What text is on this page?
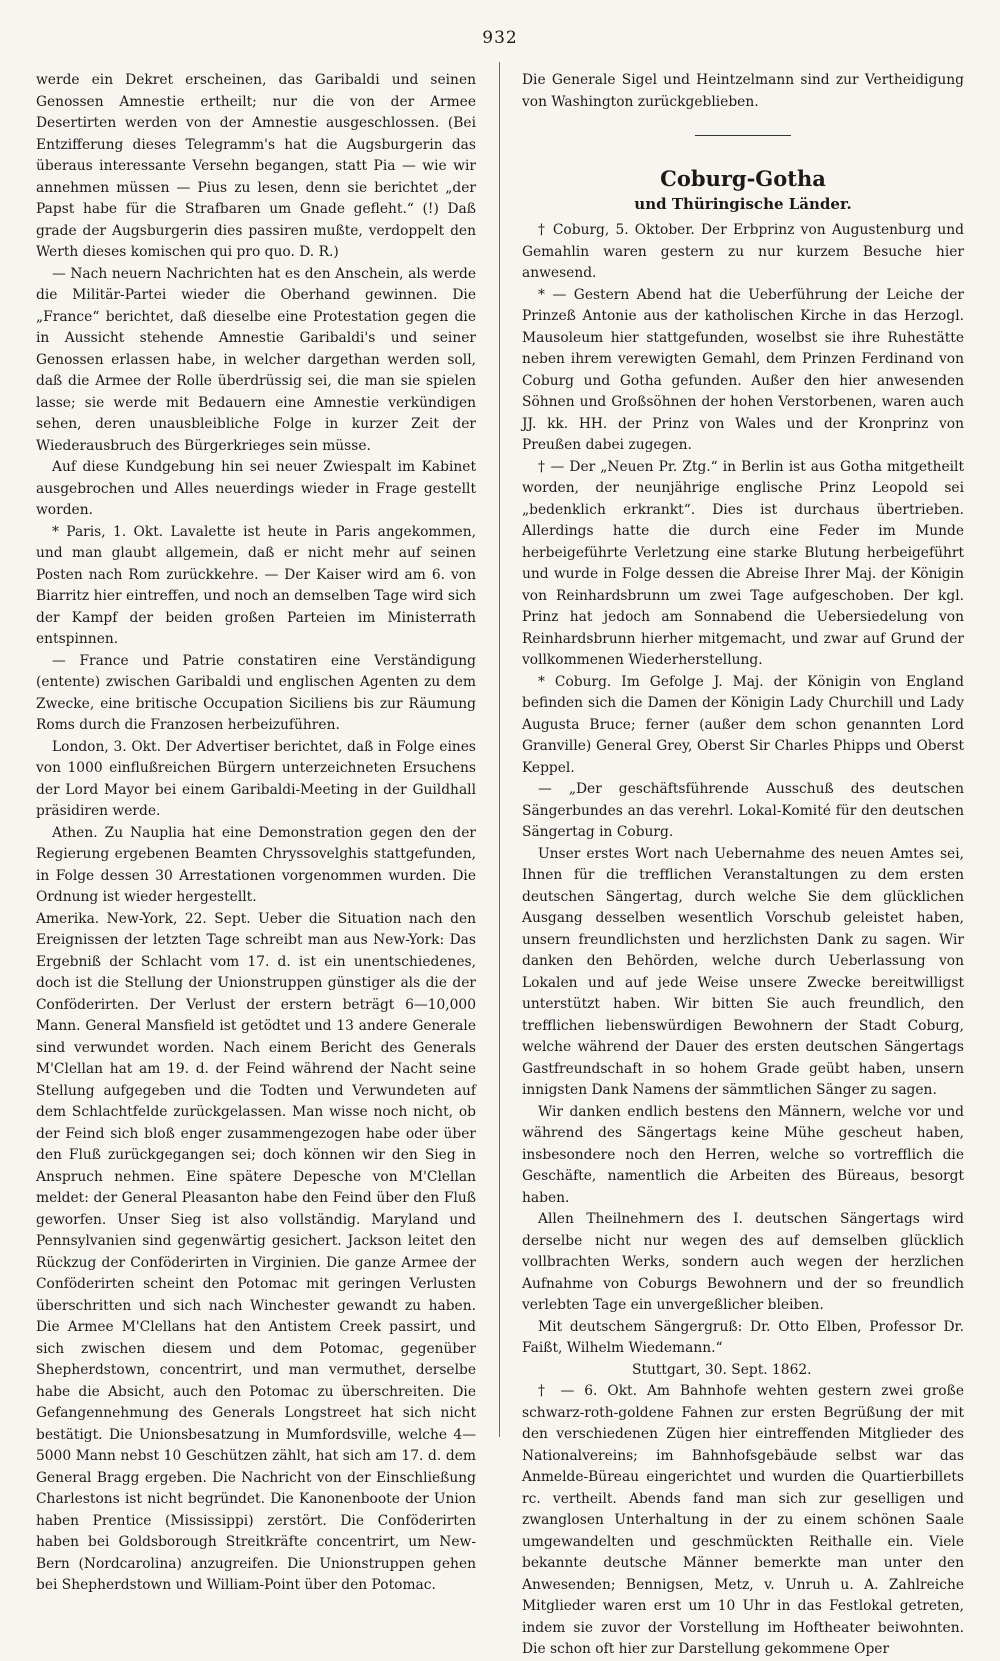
932

werde ein Dekret erscheinen, das Garibaldi und seinen Genossen Amnestie ertheilt; nur die von der Armee Desertirten werden von der Amnestie ausgeschlossen. (Bei Entzifferung dieses Telegramm's hat die Augsburgerin das überaus interessante Versehn begangen, statt Pia — wie wir annehmen müssen — Pius zu lesen, denn sie berichtet „der Papst habe für die Strafbaren um Gnade gefleht.“ (!) Daß grade der Augsburgerin dies passiren mußte, verdoppelt den Werth dieses komischen qui pro quo. D. R.)

— Nach neuern Nachrichten hat es den Anschein, als werde die Militär-Partei wieder die Oberhand gewinnen. Die „France“ berichtet, daß dieselbe eine Protestation gegen die in Aussicht stehende Amnestie Garibaldi's und seiner Genossen erlassen habe, in welcher dargethan werden soll, daß die Armee der Rolle überdrüssig sei, die man sie spielen lasse; sie werde mit Bedauern eine Amnestie verkündigen sehen, deren unausbleibliche Folge in kurzer Zeit der Wiederausbruch des Bürgerkrieges sein müsse.

Auf diese Kundgebung hin sei neuer Zwiespalt im Kabinet ausgebrochen und Alles neuerdings wieder in Frage gestellt worden.

* Paris, 1. Okt. Lavalette ist heute in Paris angekommen, und man glaubt allgemein, daß er nicht mehr auf seinen Posten nach Rom zurückkehre. — Der Kaiser wird am 6. von Biarritz hier eintreffen, und noch an demselben Tage wird sich der Kampf der beiden großen Parteien im Ministerrath entspinnen.

— France und Patrie constatiren eine Verständigung (entente) zwischen Garibaldi und englischen Agenten zu dem Zwecke, eine britische Occupation Siciliens bis zur Räumung Roms durch die Franzosen herbeizuführen.

London, 3. Okt. Der Advertiser berichtet, daß in Folge eines von 1000 einflußreichen Bürgern unterzeichneten Ersuchens der Lord Mayor bei einem Garibaldi-Meeting in der Guildhall präsidiren werde.

Athen. Zu Nauplia hat eine Demonstration gegen den der Regierung ergebenen Beamten Chryssovelghis stattgefunden, in Folge dessen 30 Arrestationen vorgenommen wurden. Die Ordnung ist wieder hergestellt.

Amerika. New-York, 22. Sept. Ueber die Situation nach den Ereignissen der letzten Tage schreibt man aus New-York: Das Ergebniß der Schlacht vom 17. d. ist ein unentschiedenes, doch ist die Stellung der Unionstruppen günstiger als die der Conföderirten. Der Verlust der erstern beträgt 6—10,000 Mann. General Mansfield ist getödtet und 13 andere Generale sind verwundet worden. Nach einem Bericht des Generals M'Clellan hat am 19. d. der Feind während der Nacht seine Stellung aufgegeben und die Todten und Verwundeten auf dem Schlachtfelde zurückgelassen. Man wisse noch nicht, ob der Feind sich bloß enger zusammengezogen habe oder über den Fluß zurückgegangen sei; doch können wir den Sieg in Anspruch nehmen. Eine spätere Depesche von M'Clellan meldet: der General Pleasanton habe den Feind über den Fluß geworfen. Unser Sieg ist also vollständig. Maryland und Pennsylvanien sind gegenwärtig gesichert. Jackson leitet den Rückzug der Conföderirten in Virginien. Die ganze Armee der Conföderirten scheint den Potomac mit geringen Verlusten überschritten und sich nach Winchester gewandt zu haben. Die Armee M'Clellans hat den Antistem Creek passirt, und sich zwischen diesem und dem Potomac, gegenüber Shepherdstown, concentrirt, und man vermuthet, derselbe habe die Absicht, auch den Potomac zu überschreiten. Die Gefangennehmung des Generals Longstreet hat sich nicht bestätigt. Die Unionsbesatzung in Mumfordsville, welche 4—5000 Mann nebst 10 Geschützen zählt, hat sich am 17. d. dem General Bragg ergeben. Die Nachricht von der Einschließung Charlestons ist nicht begründet. Die Kanonenboote der Union haben Prentice (Mississippi) zerstört. Die Conföderirten haben bei Goldsborough Streitkräfte concentrirt, um New-Bern (Nordcarolina) anzugreifen. Die Unionstruppen gehen bei Shepherdstown und William-Point über den Potomac.

Die Generale Sigel und Heintzelmann sind zur Vertheidigung von Washington zurückgeblieben.

Coburg-Gotha
und Thüringische Länder.

† Coburg, 5. Oktober. Der Erbprinz von Augustenburg und Gemahlin waren gestern zu nur kurzem Besuche hier anwesend.

* — Gestern Abend hat die Ueberführung der Leiche der Prinzeß Antonie aus der katholischen Kirche in das Herzogl. Mausoleum hier stattgefunden, woselbst sie ihre Ruhestätte neben ihrem verewigten Gemahl, dem Prinzen Ferdinand von Coburg und Gotha gefunden. Außer den hier anwesenden Söhnen und Großsöhnen der hohen Verstorbenen, waren auch JJ. kk. HH. der Prinz von Wales und der Kronprinz von Preußen dabei zugegen.

† — Der „Neuen Pr. Ztg.“ in Berlin ist aus Gotha mitgetheilt worden, der neunjährige englische Prinz Leopold sei „bedenklich erkrankt“. Dies ist durchaus übertrieben. Allerdings hatte die durch eine Feder im Munde herbeigeführte Verletzung eine starke Blutung herbeigeführt und wurde in Folge dessen die Abreise Ihrer Maj. der Königin von Reinhardsbrunn um zwei Tage aufgeschoben. Der kgl. Prinz hat jedoch am Sonnabend die Uebersiedelung von Reinhardsbrunn hierher mitgemacht, und zwar auf Grund der vollkommenen Wiederherstellung.

* Coburg. Im Gefolge J. Maj. der Königin von England befinden sich die Damen der Königin Lady Churchill und Lady Augusta Bruce; ferner (außer dem schon genannten Lord Granville) General Grey, Oberst Sir Charles Phipps und Oberst Keppel.

— „Der geschäftsführende Ausschuß des deutschen Sängerbundes an das verehrl. Lokal-Komité für den deutschen Sängertag in Coburg.

Unser erstes Wort nach Uebernahme des neuen Amtes sei, Ihnen für die trefflichen Veranstaltungen zu dem ersten deutschen Sängertag, durch welche Sie dem glücklichen Ausgang desselben wesentlich Vorschub geleistet haben, unsern freundlichsten und herzlichsten Dank zu sagen. Wir danken den Behörden, welche durch Ueberlassung von Lokalen und auf jede Weise unsere Zwecke bereitwilligst unterstützt haben. Wir bitten Sie auch freundlich, den trefflichen liebenswürdigen Bewohnern der Stadt Coburg, welche während der Dauer des ersten deutschen Sängertags Gastfreundschaft in so hohem Grade geübt haben, unsern innigsten Dank Namens der sämmtlichen Sänger zu sagen.

Wir danken endlich bestens den Männern, welche vor und während des Sängertags keine Mühe gescheut haben, insbesondere noch den Herren, welche so vortrefflich die Geschäfte, namentlich die Arbeiten des Büreaus, besorgt haben.

Allen Theilnehmern des I. deutschen Sängertags wird derselbe nicht nur wegen des auf demselben glücklich vollbrachten Werks, sondern auch wegen der herzlichen Aufnahme von Coburgs Bewohnern und der so freundlich verlebten Tage ein unvergeßlicher bleiben.

Mit deutschem Sängergruß: Dr. Otto Elben, Professor Dr. Faißt, Wilhelm Wiedemann.“

Stuttgart, 30. Sept. 1862.

† — 6. Okt. Am Bahnhofe wehten gestern zwei große schwarz-roth-goldene Fahnen zur ersten Begrüßung der mit den verschiedenen Zügen hier eintreffenden Mitglieder des Nationalvereins; im Bahnhofsgebäude selbst war das Anmelde-Büreau eingerichtet und wurden die Quartierbillets rc. vertheilt. Abends fand man sich zur geselligen und zwanglosen Unterhaltung in der zu einem schönen Saale umgewandelten und geschmückten Reithalle ein. Viele bekannte deutsche Männer bemerkte man unter den Anwesenden; Bennigsen, Metz, v. Unruh u. A. Zahlreiche Mitglieder waren erst um 10 Uhr in das Festlokal getreten, indem sie zuvor der Vorstellung im Hoftheater beiwohnten. Die schon oft hier zur Darstellung gekommene Oper
